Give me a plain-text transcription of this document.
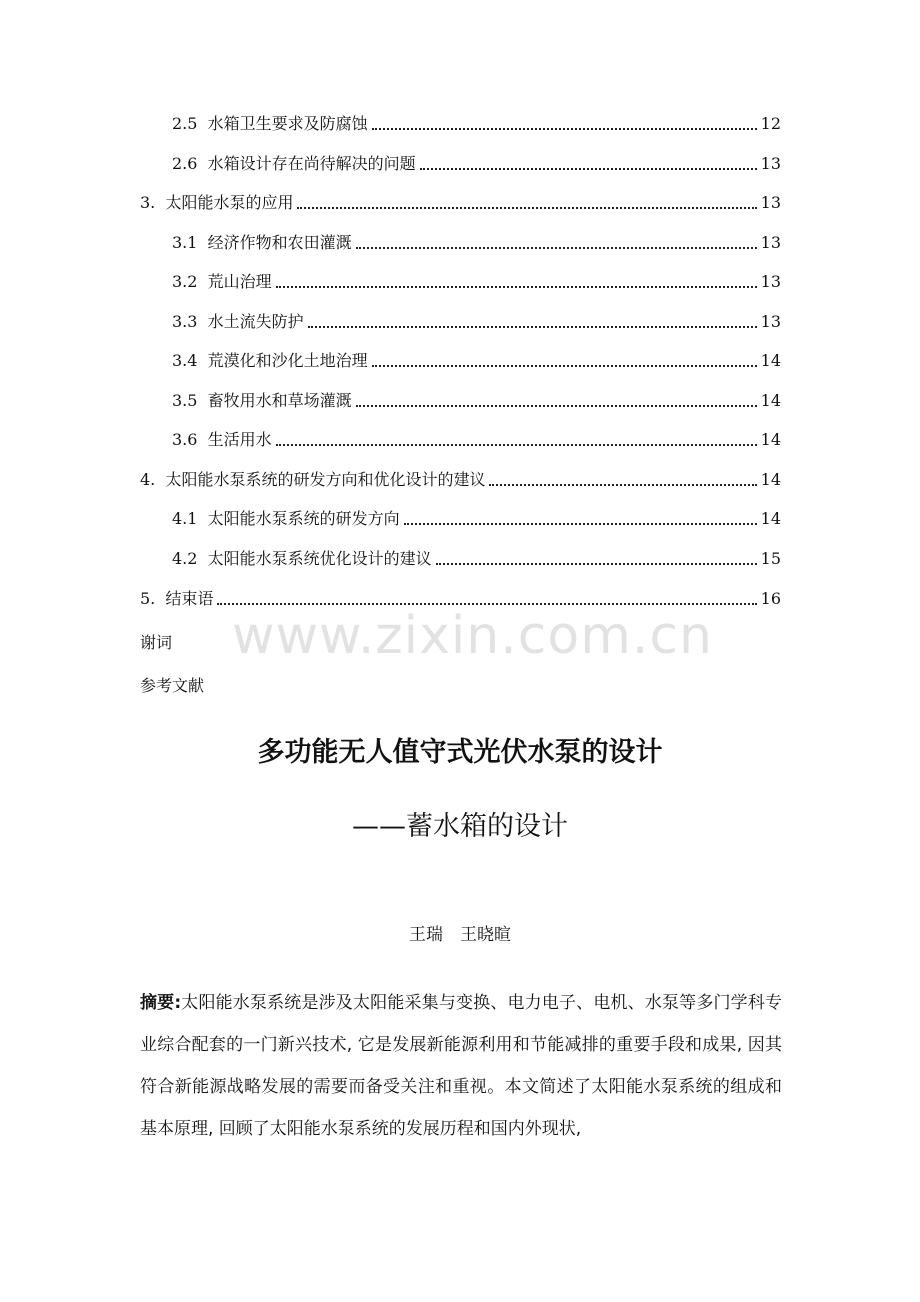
2.5 水箱卫生要求及防腐蚀	12
2.6 水箱设计存在尚待解决的问题	13
3. 太阳能水泵的应用	13
3.1 经济作物和农田灌溉	13
3.2 荒山治理	13
3.3 水土流失防护	13
3.4 荒漠化和沙化土地治理	14
3.5 畜牧用水和草场灌溉	14
3.6 生活用水	14
4. 太阳能水泵系统的研发方向和优化设计的建议	14
4.1 太阳能水泵系统的研发方向	14
4.2 太阳能水泵系统优化设计的建议	15
5. 结束语	16
谢词
参考文献
www.zixin.com.cn
多功能无人值守式光伏水泵的设计
——蓄水箱的设计
王瑞　王晓暄
摘要:太阳能水泵系统是涉及太阳能采集与变换、电力电子、电机、水泵等多门学科专业综合配套的一门新兴技术, 它是发展新能源利用和节能减排的重要手段和成果, 因其符合新能源战略发展的需要而备受关注和重视。本文简述了太阳能水泵系统的组成和基本原理, 回顾了太阳能水泵系统的发展历程和国内外现状,
